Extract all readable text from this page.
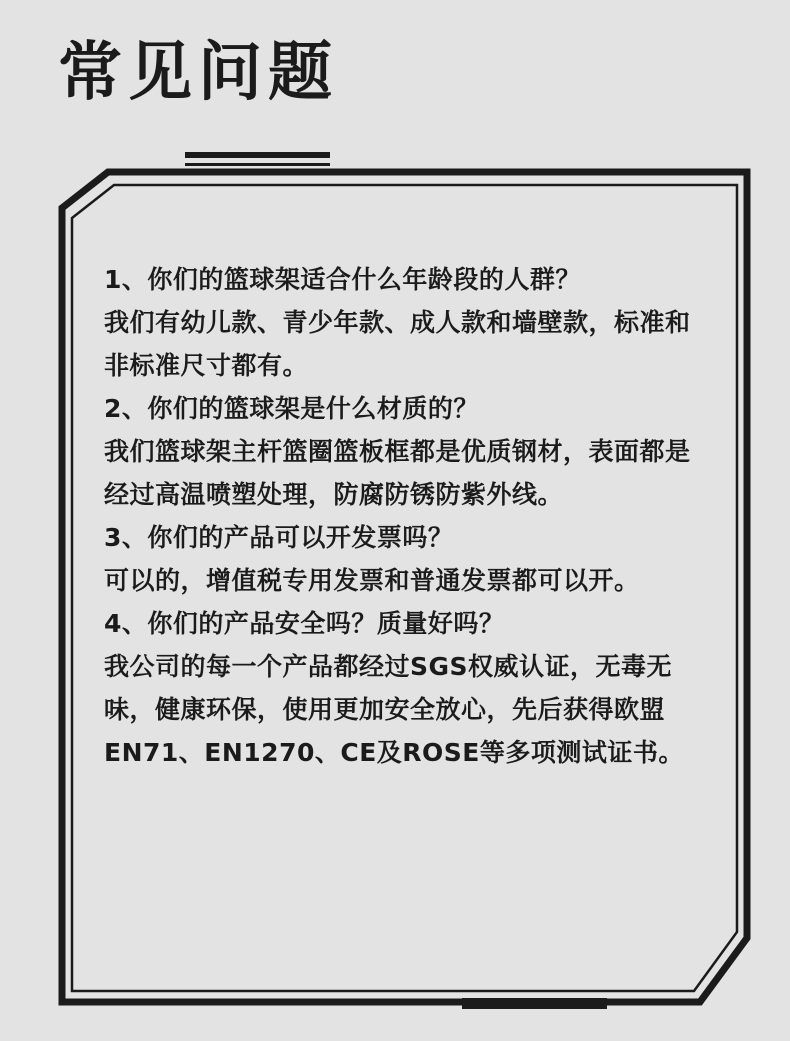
常见问题
1、你们的篮球架适合什么年龄段的人群？
我们有幼儿款、青少年款、成人款和墙壁款，标准和非标准尺寸都有。
2、你们的篮球架是什么材质的？
我们篮球架主杆篮圈篮板框都是优质钢材，表面都是经过高温喷塑处理，防腐防锈防紫外线。
3、你们的产品可以开发票吗？
可以的，增值税专用发票和普通发票都可以开。
4、你们的产品安全吗？质量好吗？
我公司的每一个产品都经过SGS权威认证，无毒无味，健康环保，使用更加安全放心，先后获得欧盟EN71、EN1270、CE及ROSE等多项测试证书。
